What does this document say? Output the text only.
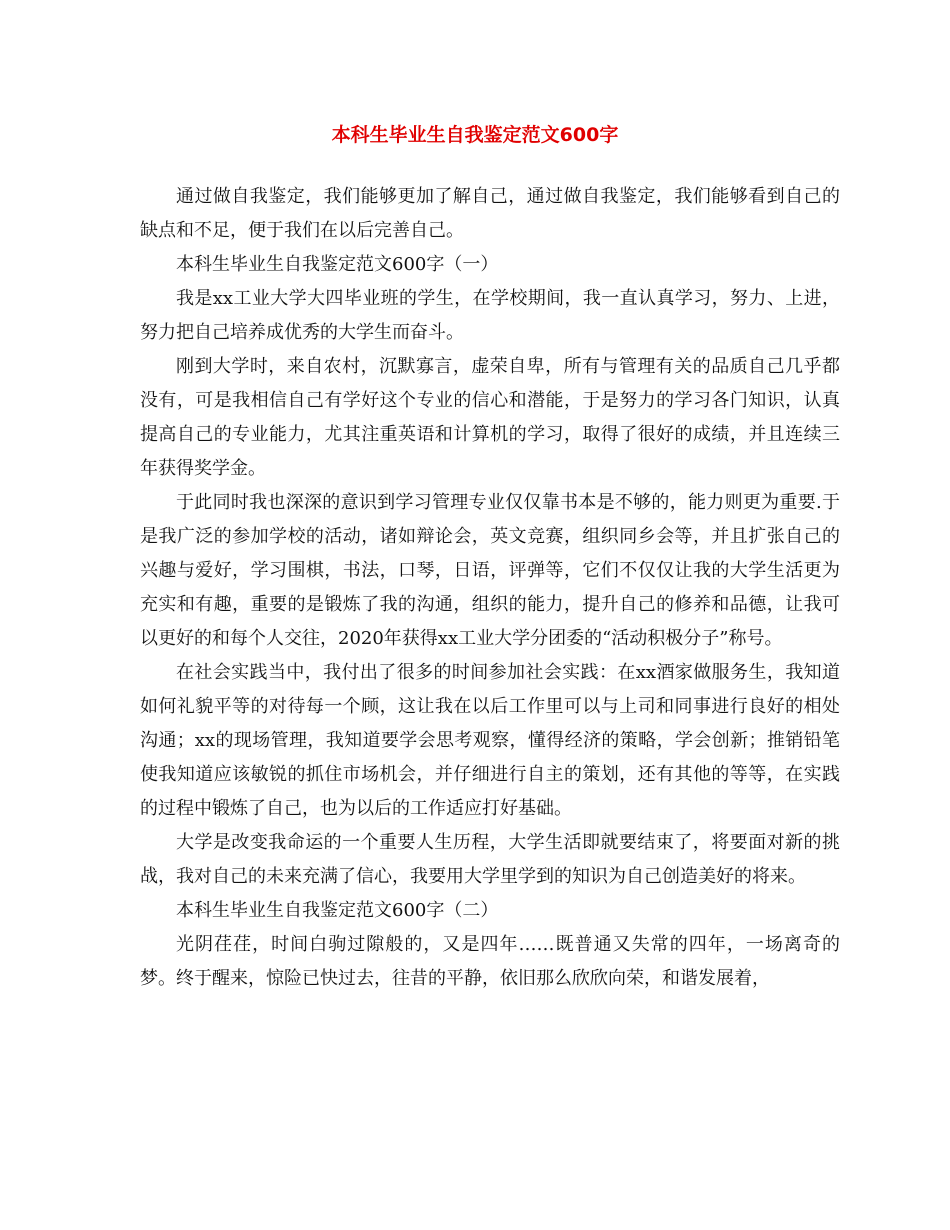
本科生毕业生自我鉴定范文600字

通过做自我鉴定，我们能够更加了解自己，通过做自我鉴定，我们能够看到自己的缺点和不足，便于我们在以后完善自己。

本科生毕业生自我鉴定范文600字（一）

我是xx工业大学大四毕业班的学生，在学校期间，我一直认真学习，努力、上进，努力把自己培养成优秀的大学生而奋斗。

刚到大学时，来自农村，沉默寡言，虚荣自卑，所有与管理有关的品质自己几乎都没有，可是我相信自己有学好这个专业的信心和潜能，于是努力的学习各门知识，认真提高自己的专业能力，尤其注重英语和计算机的学习，取得了很好的成绩，并且连续三年获得奖学金。

于此同时我也深深的意识到学习管理专业仅仅靠书本是不够的，能力则更为重要.于是我广泛的参加学校的活动，诸如辩论会，英文竞赛，组织同乡会等，并且扩张自己的兴趣与爱好，学习围棋，书法，口琴，日语，评弹等，它们不仅仅让我的大学生活更为充实和有趣，重要的是锻炼了我的沟通，组织的能力，提升自己的修养和品德，让我可以更好的和每个人交往，2020年获得xx工业大学分团委的“活动积极分子”称号。

在社会实践当中，我付出了很多的时间参加社会实践：在xx酒家做服务生，我知道如何礼貌平等的对待每一个顾，这让我在以后工作里可以与上司和同事进行良好的相处沟通；xx的现场管理，我知道要学会思考观察，懂得经济的策略，学会创新；推销铅笔使我知道应该敏锐的抓住市场机会，并仔细进行自主的策划，还有其他的等等，在实践的过程中锻炼了自己，也为以后的工作适应打好基础。

大学是改变我命运的一个重要人生历程，大学生活即就要结束了，将要面对新的挑战，我对自己的未来充满了信心，我要用大学里学到的知识为自己创造美好的将来。

本科生毕业生自我鉴定范文600字（二）

光阴荏荏，时间白驹过隙般的，又是四年……既普通又失常的四年，一场离奇的梦。终于醒来，惊险已快过去，往昔的平静，依旧那么欣欣向荣，和谐发展着，
